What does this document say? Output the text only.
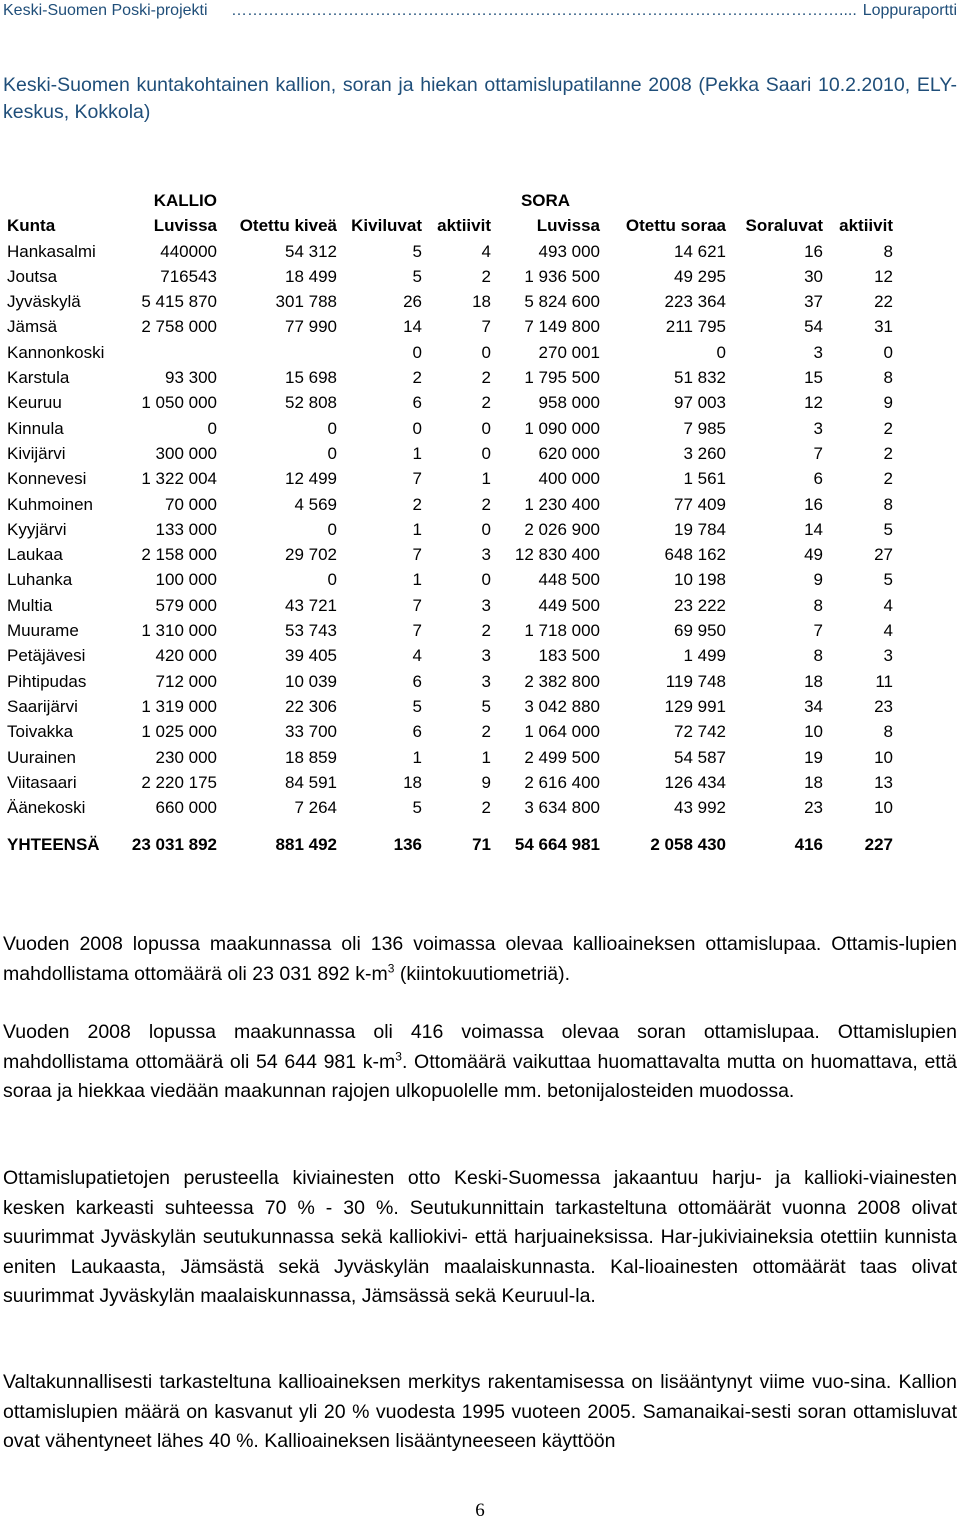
Keski-Suomen Poski-projekti	…………………………………………………………………………………………………….... Loppuraportti
Keski-Suomen kuntakohtainen kallion, soran ja hiekan ottamislupatilanne 2008 (Pekka Saari 10.2.2010, ELY-keskus, Kokkola)
	KALLIO				SORA			
Kunta	Luvissa	Otettu kiveä	Kiviluvat	aktiivit	Luvissa	Otettu soraa	Soraluvat	aktiivit
Hankasalmi	440000	54 312	5	4	493 000	14 621	16	8
Joutsa	716543	18 499	5	2	1 936 500	49 295	30	12
Jyväskylä	5 415 870	301 788	26	18	5 824 600	223 364	37	22
Jämsä	2 758 000	77 990	14	7	7 149 800	211 795	54	31
Kannonkoski			0	0	270 001	0	3	0
Karstula	93 300	15 698	2	2	1 795 500	51 832	15	8
Keuruu	1 050 000	52 808	6	2	958 000	97 003	12	9
Kinnula	0	0	0	0	1 090 000	7 985	3	2
Kivijärvi	300 000	0	1	0	620 000	3 260	7	2
Konnevesi	1 322 004	12 499	7	1	400 000	1 561	6	2
Kuhmoinen	70 000	4 569	2	2	1 230 400	77 409	16	8
Kyyjärvi	133 000	0	1	0	2 026 900	19 784	14	5
Laukaa	2 158 000	29 702	7	3	12 830 400	648 162	49	27
Luhanka	100 000	0	1	0	448 500	10 198	9	5
Multia	579 000	43 721	7	3	449 500	23 222	8	4
Muurame	1 310 000	53 743	7	2	1 718 000	69 950	7	4
Petäjävesi	420 000	39 405	4	3	183 500	1 499	8	3
Pihtipudas	712 000	10 039	6	3	2 382 800	119 748	18	11
Saarijärvi	1 319 000	22 306	5	5	3 042 880	129 991	34	23
Toivakka	1 025 000	33 700	6	2	1 064 000	72 742	10	8
Uurainen	230 000	18 859	1	1	2 499 500	54 587	19	10
Viitasaari	2 220 175	84 591	18	9	2 616 400	126 434	18	13
Äänekoski	660 000	7 264	5	2	3 634 800	43 992	23	10
YHTEENSÄ	23 031 892	881 492	136	71	54 664 981	2 058 430	416	227
Vuoden 2008 lopussa maakunnassa oli 136 voimassa olevaa kallioaineksen ottamislupaa. Ottamis-lupien mahdollistama ottomäärä oli 23 031 892 $k-m^3$ (kiintokuutiometriä).
Vuoden 2008 lopussa maakunnassa oli 416 voimassa olevaa soran ottamislupaa. Ottamislupien mahdollistama ottomäärä oli 54 644 981 $k-m^3$. Ottomäärä vaikuttaa huomattavalta mutta on huomattava, että soraa ja hiekkaa viedään maakunnan rajojen ulkopuolelle mm. betonijalosteiden muodossa.
Ottamislupatietojen perusteella kiviainesten otto Keski-Suomessa jakaantuu harju- ja kallioki-viainesten kesken karkeasti suhteessa 70 % - 30 %. Seutukunnittain tarkasteltuna ottomäärät vuonna 2008 olivat suurimmat Jyväskylän seutukunnassa sekä kalliokivi- että harjuaineksissa. Har-jukiviaineksia otettiin kunnista eniten Laukaasta, Jämsästä sekä Jyväskylän maalaiskunnasta. Kal-lioainesten ottomäärät taas olivat suurimmat Jyväskylän maalaiskunnassa, Jämsässä sekä Keuruul-la.
Valtakunnallisesti tarkasteltuna kallioaineksen merkitys rakentamisessa on lisääntynyt viime vuo-sina. Kallion ottamislupien määrä on kasvanut yli 20 % vuodesta 1995 vuoteen 2005. Samanaikai-sesti soran ottamisluvat ovat vähentyneet lähes 40 %. Kallioaineksen lisääntyneeseen käyttöön
6
